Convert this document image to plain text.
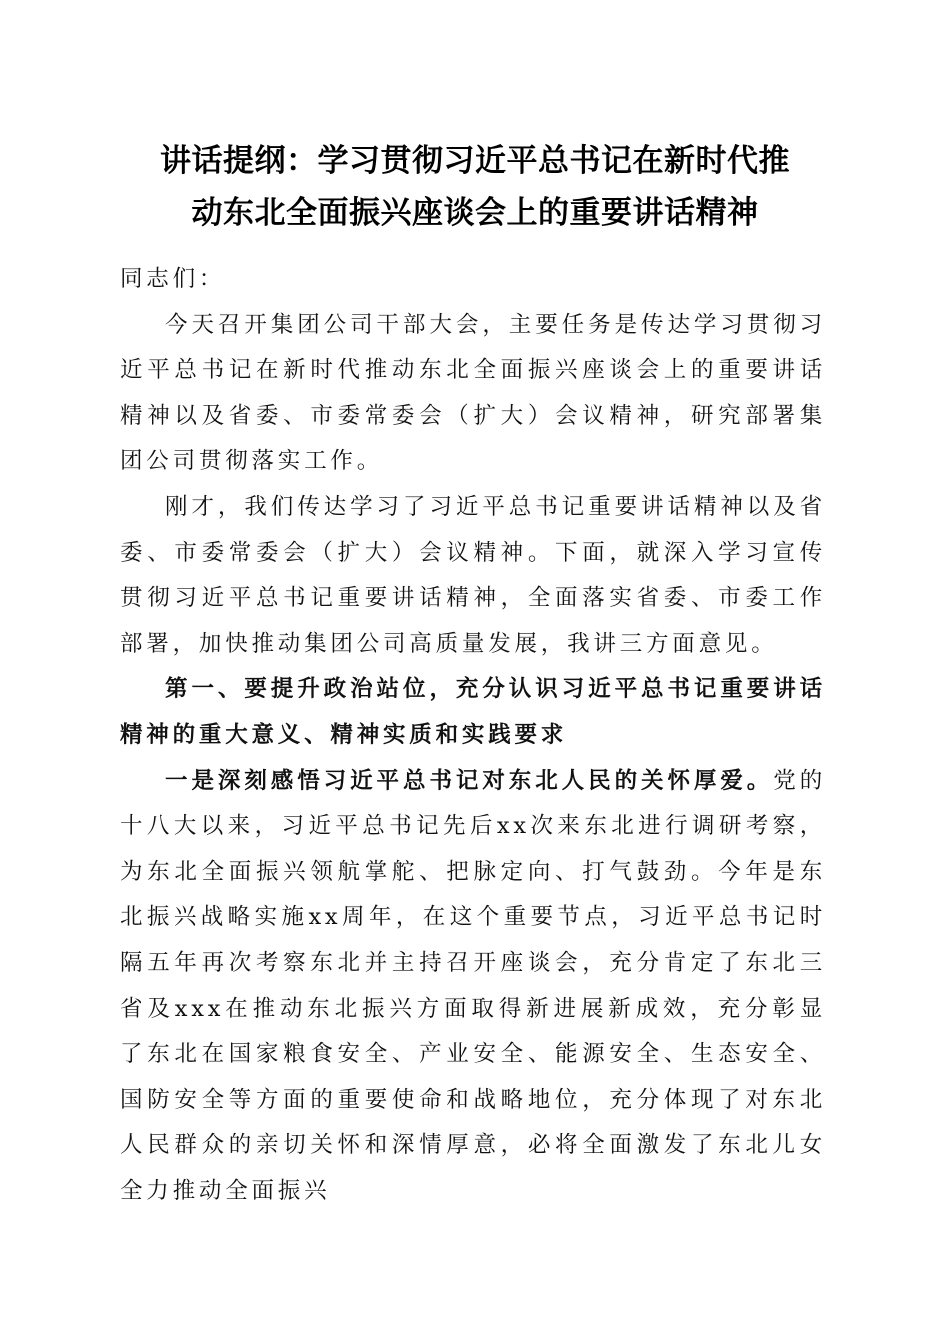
讲话提纲：学习贯彻习近平总书记在新时代推
动东北全面振兴座谈会上的重要讲话精神

同志们：

今天召开集团公司干部大会，主要任务是传达学习贯彻习近平总书记在新时代推动东北全面振兴座谈会上的重要讲话精神以及省委、市委常委会（扩大）会议精神，研究部署集团公司贯彻落实工作。

刚才，我们传达学习了习近平总书记重要讲话精神以及省委、市委常委会（扩大）会议精神。下面，就深入学习宣传贯彻习近平总书记重要讲话精神，全面落实省委、市委工作部署，加快推动集团公司高质量发展，我讲三方面意见。

第一、要提升政治站位，充分认识习近平总书记重要讲话精神的重大意义、精神实质和实践要求

一是深刻感悟习近平总书记对东北人民的关怀厚爱。党的十八大以来，习近平总书记先后xx次来东北进行调研考察，为东北全面振兴领航掌舵、把脉定向、打气鼓劲。今年是东北振兴战略实施xx周年，在这个重要节点，习近平总书记时隔五年再次考察东北并主持召开座谈会，充分肯定了东北三省及xxx在推动东北振兴方面取得新进展新成效，充分彰显了东北在国家粮食安全、产业安全、能源安全、生态安全、国防安全等方面的重要使命和战略地位，充分体现了对东北人民群众的亲切关怀和深情厚意，必将全面激发了东北儿女全力推动全面振兴
